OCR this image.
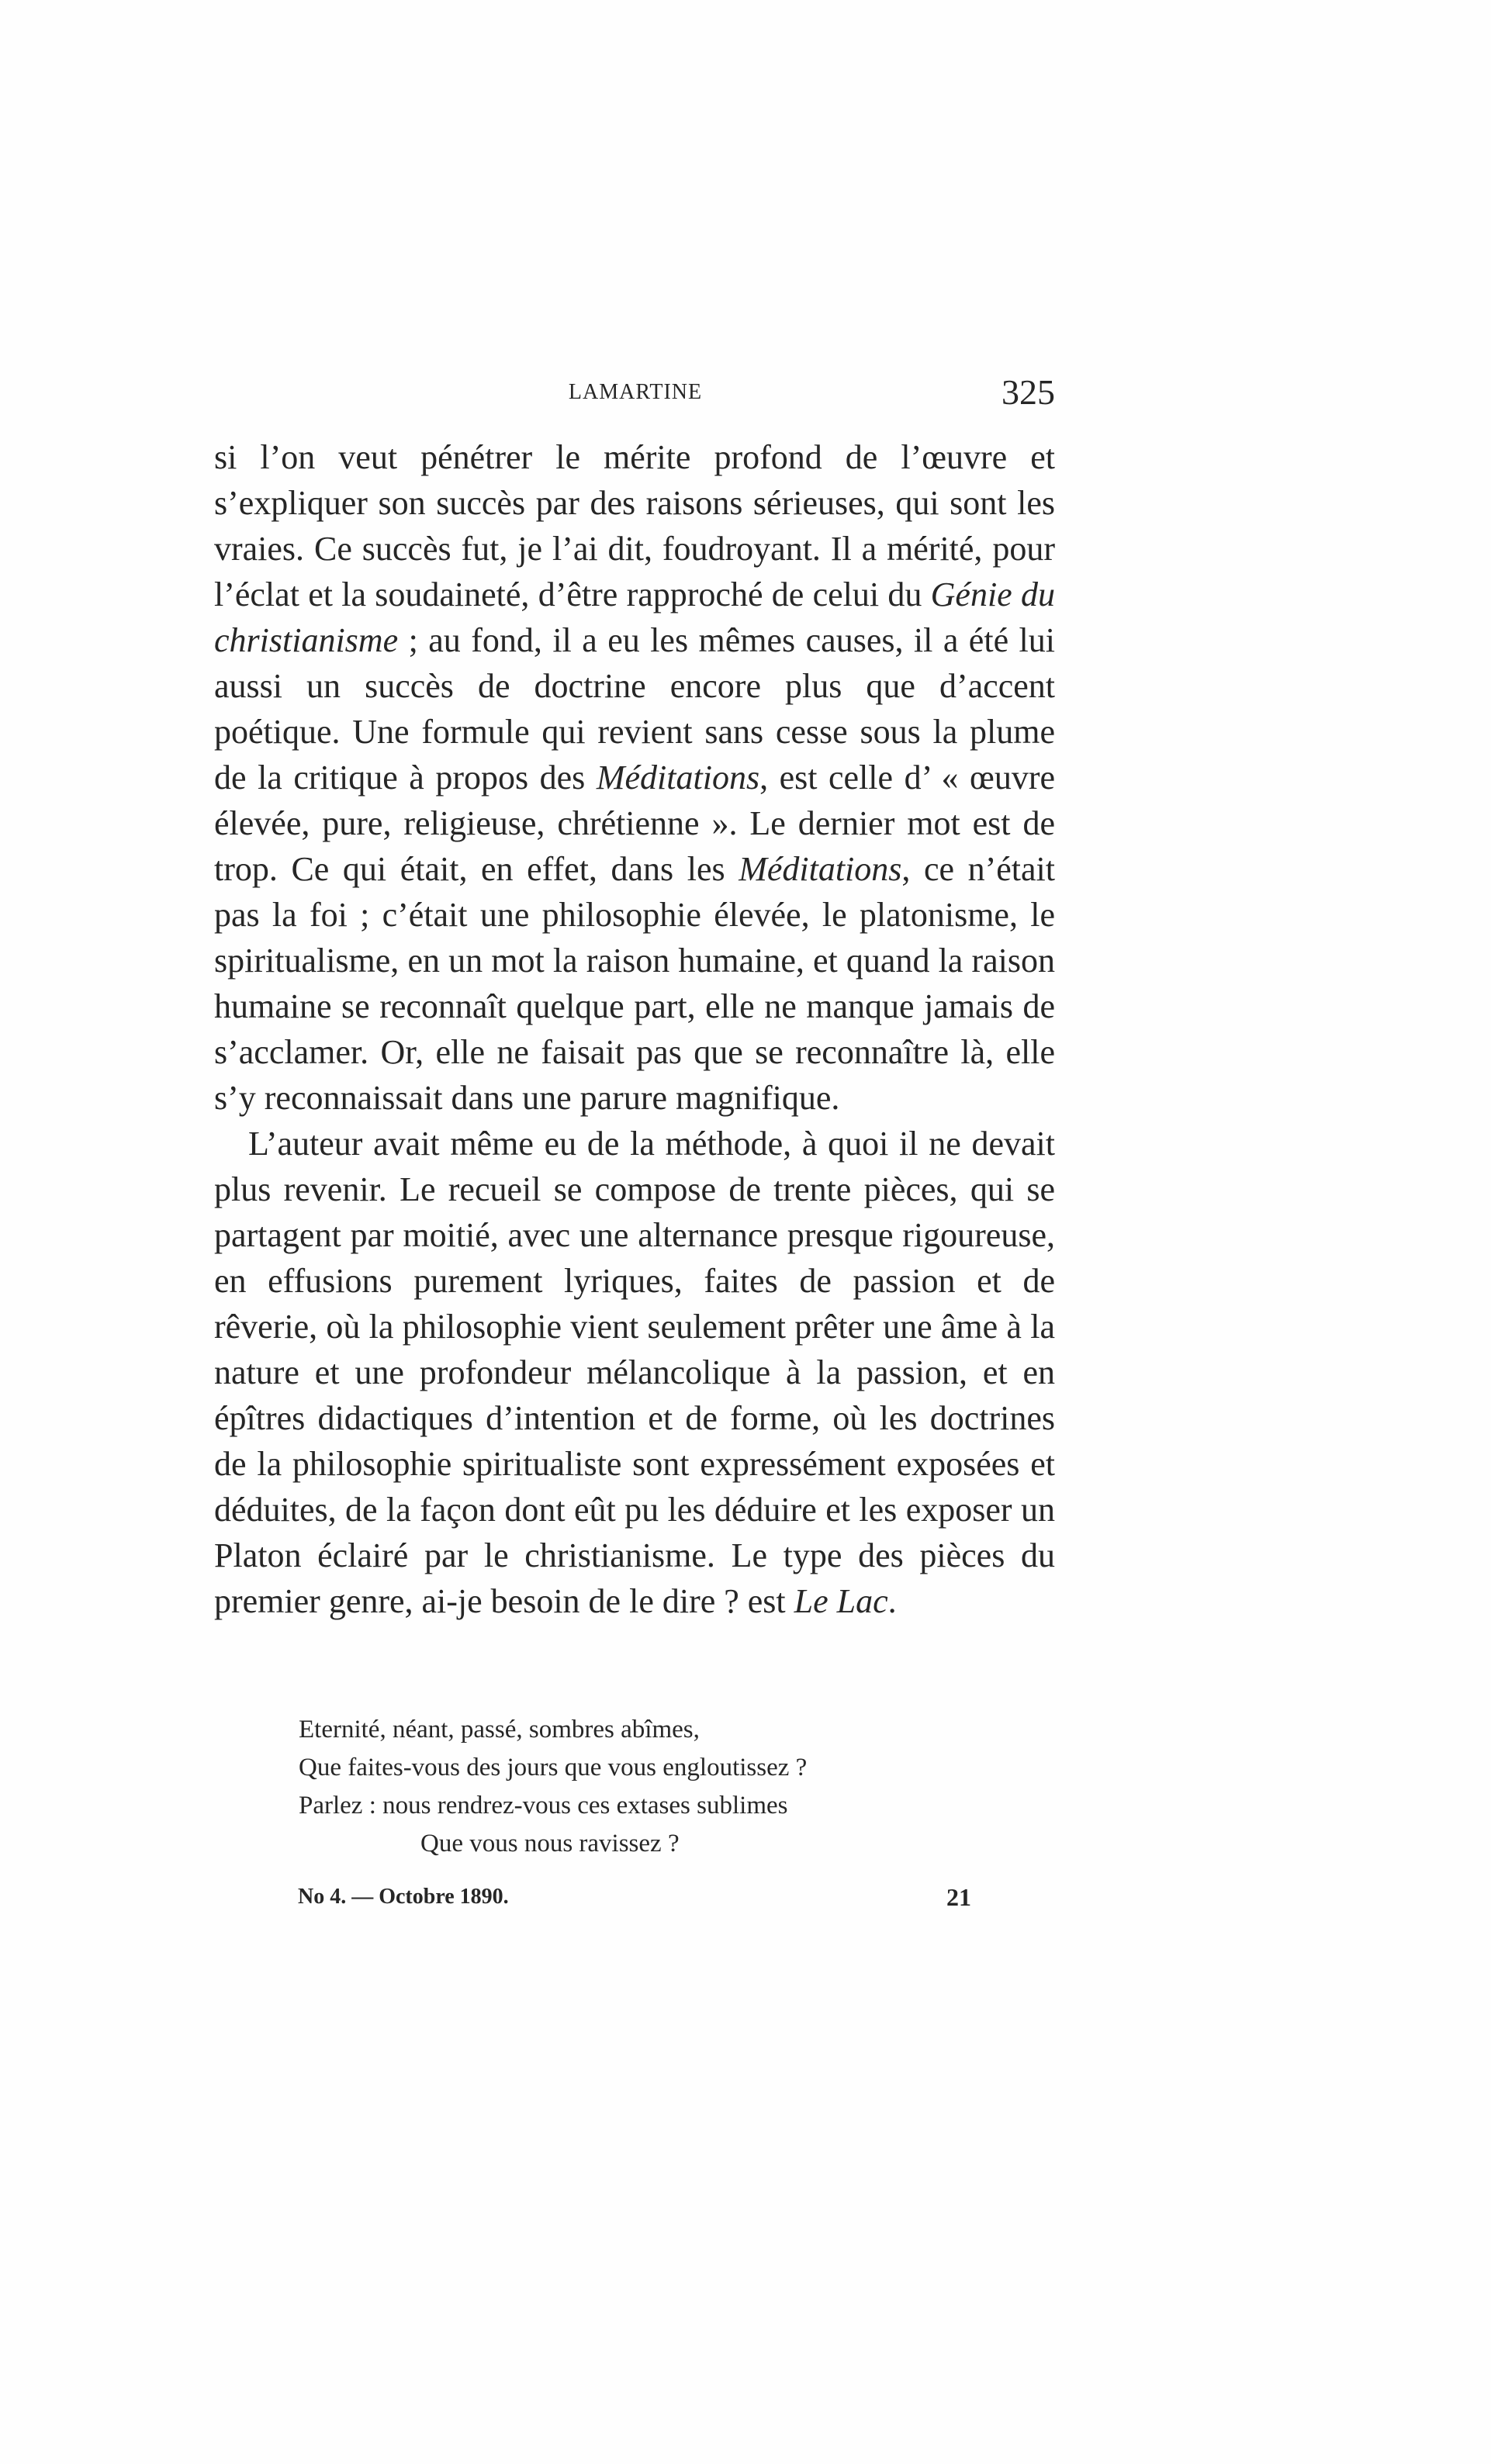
LAMARTINE	325

si l’on veut pénétrer le mérite profond de l’œuvre et s’expliquer son succès par des raisons sérieuses, qui sont les vraies. Ce succès fut, je l’ai dit, foudroyant. Il a mérité, pour l’éclat et la soudaineté, d’être rapproché de celui du Génie du christianisme ; au fond, il a eu les mêmes causes, il a été lui aussi un succès de doctrine encore plus que d’accent poétique. Une formule qui revient sans cesse sous la plume de la critique à propos des Méditations, est celle d’ « œuvre élevée, pure, religieuse, chrétienne ». Le dernier mot est de trop. Ce qui était, en effet, dans les Méditations, ce n’était pas la foi ; c’était une philosophie élevée, le platonisme, le spiritualisme, en un mot la raison humaine, et quand la raison humaine se reconnaît quelque part, elle ne manque jamais de s’acclamer. Or, elle ne faisait pas que se reconnaître là, elle s’y reconnaissait dans une parure magnifique.

L’auteur avait même eu de la méthode, à quoi il ne devait plus revenir. Le recueil se compose de trente pièces, qui se partagent par moitié, avec une alternance presque rigoureuse, en effusions purement lyriques, faites de passion et de rêverie, où la philosophie vient seulement prêter une âme à la nature et une profondeur mélancolique à la passion, et en épîtres didactiques d’intention et de forme, où les doctrines de la philosophie spiritualiste sont expressément exposées et déduites, de la façon dont eût pu les déduire et les exposer un Platon éclairé par le christianisme. Le type des pièces du premier genre, ai-je besoin de le dire ? est Le Lac.

Eternité, néant, passé, sombres abîmes,
Que faites-vous des jours que vous engloutissez ?
Parlez : nous rendrez-vous ces extases sublimes
Que vous nous ravissez ?
No 4. — Octobre 1890.	21
